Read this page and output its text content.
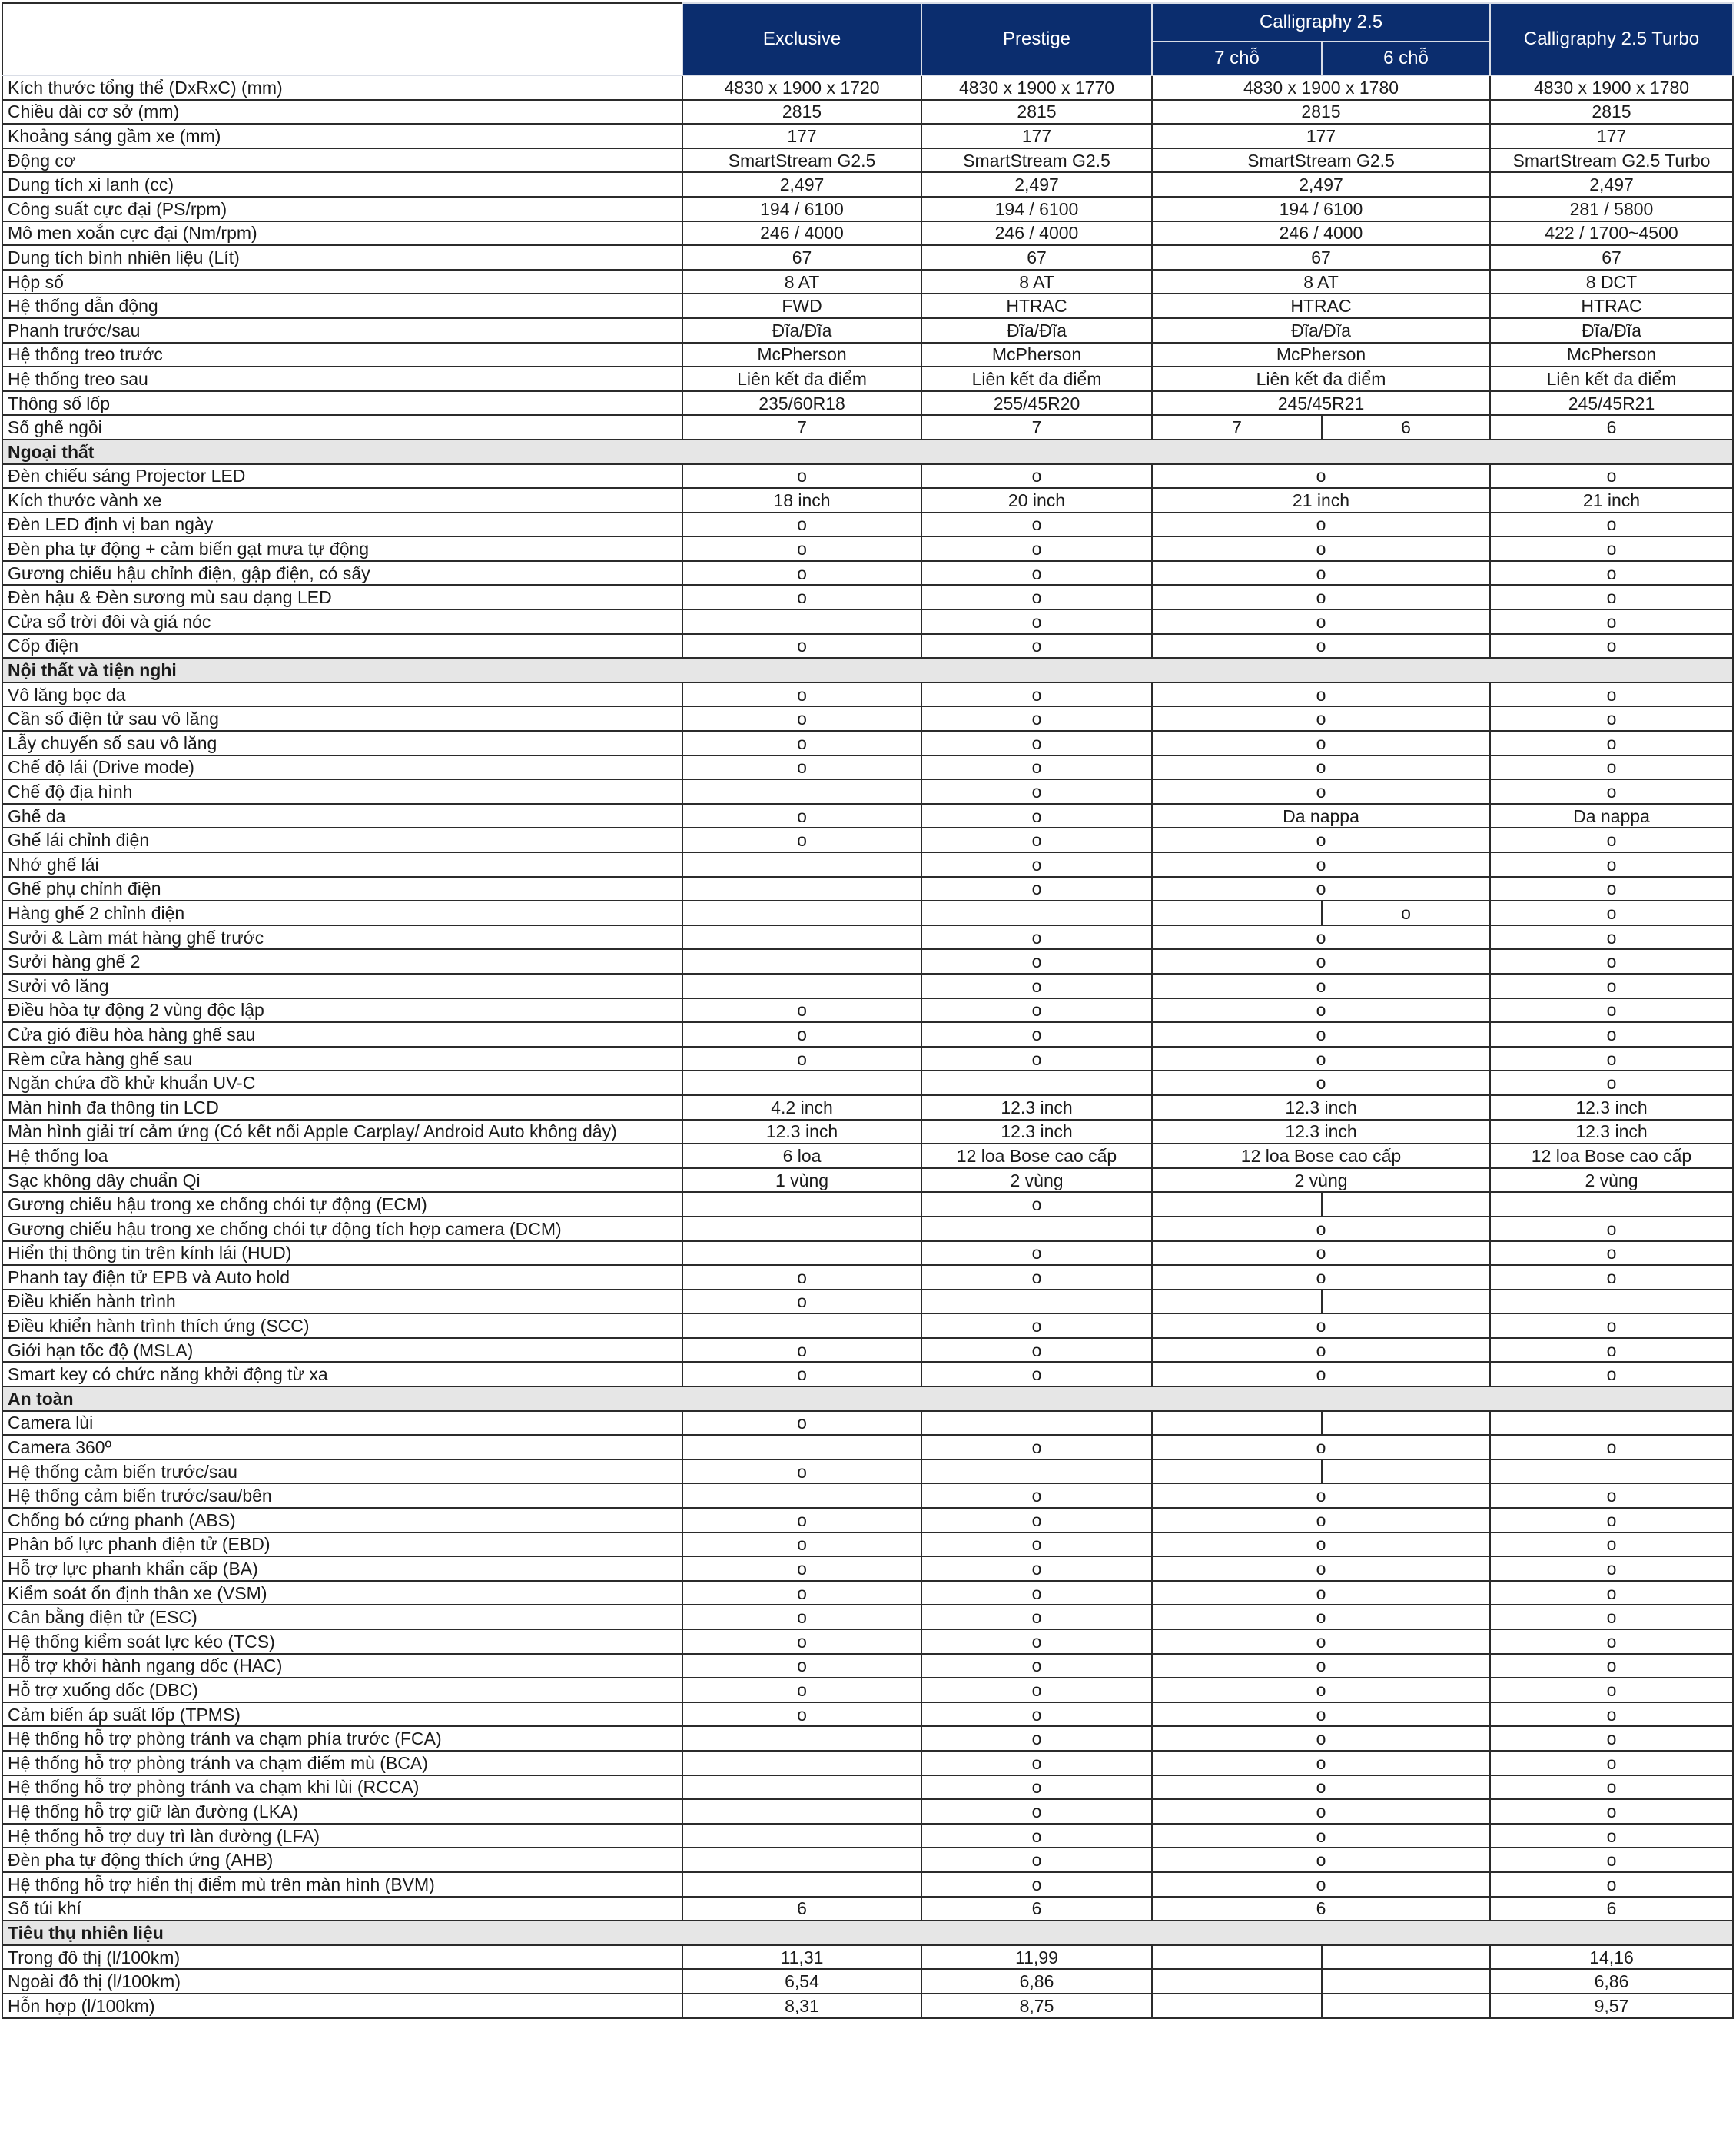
	Exclusive	Prestige	Calligraphy 2.5		Calligraphy 2.5 Turbo
			7 chỗ	6 chỗ	
Kích thước tổng thể (DxRxC) (mm)	4830 x 1900 x 1720	4830 x 1900 x 1770	4830 x 1900 x 1780		4830 x 1900 x 1780
Chiều dài cơ sở (mm)	2815	2815	2815		2815
Khoảng sáng gầm xe (mm)	177	177	177		177
Động cơ	SmartStream G2.5	SmartStream G2.5	SmartStream G2.5		SmartStream G2.5 Turbo
Dung tích xi lanh (cc)	2,497	2,497	2,497		2,497
Công suất cực đại (PS/rpm)	194 / 6100	194 / 6100	194 / 6100		281 / 5800
Mô men xoắn cực đại (Nm/rpm)	246 / 4000	246 / 4000	246 / 4000		422 / 1700~4500
Dung tích bình nhiên liệu (Lít)	67	67	67		67
Hộp số	8 AT	8 AT	8 AT		8 DCT
Hệ thống dẫn động	FWD	HTRAC	HTRAC		HTRAC
Phanh trước/sau	Đĩa/Đĩa	Đĩa/Đĩa	Đĩa/Đĩa		Đĩa/Đĩa
Hệ thống treo trước	McPherson	McPherson	McPherson		McPherson
Hệ thống treo sau	Liên kết đa điểm	Liên kết đa điểm	Liên kết đa điểm		Liên kết đa điểm
Thông số lốp	235/60R18	255/45R20	245/45R21		245/45R21
Số ghế ngồi	7	7	7	6	6
Ngoại thất					
Đèn chiếu sáng Projector LED	o	o	o		o
Kích thước vành xe	18 inch	20 inch	21 inch		21 inch
Đèn LED định vị ban ngày	o	o	o		o
Đèn pha tự động + cảm biến gạt mưa tự động	o	o	o		o
Gương chiếu hậu chỉnh điện, gập điện, có sấy	o	o	o		o
Đèn hậu & Đèn sương mù sau dạng LED	o	o	o		o
Cửa sổ trời đôi và giá nóc		o	o		o
Cốp điện	o	o	o		o
Nội thất và tiện nghi					
Vô lăng bọc da	o	o	o		o
Cần số điện tử sau vô lăng	o	o	o		o
Lẫy chuyển số sau vô lăng	o	o	o		o
Chế độ lái (Drive mode)	o	o	o		o
Chế độ địa hình		o	o		o
Ghế da	o	o	Da nappa		Da nappa
Ghế lái chỉnh điện	o	o	o		o
Nhớ ghế lái		o	o		o
Ghế phụ chỉnh điện		o	o		o
Hàng ghế 2 chỉnh điện				o	o
Sưởi & Làm mát hàng ghế trước		o	o		o
Sưởi hàng ghế 2		o	o		o
Sưởi vô lăng		o	o		o
Điều hòa tự động 2 vùng độc lập	o	o	o		o
Cửa gió điều hòa hàng ghế sau	o	o	o		o
Rèm cửa hàng ghế sau	o	o	o		o
Ngăn chứa đồ khử khuẩn UV-C			o		o
Màn hình đa thông tin LCD	4.2 inch	12.3 inch	12.3 inch		12.3 inch
Màn hình giải trí cảm ứng (Có kết nối Apple Carplay/ Android Auto không dây)	12.3 inch	12.3 inch	12.3 inch		12.3 inch
Hệ thống loa	6 loa	12 loa Bose cao cấp	12 loa Bose cao cấp		12 loa Bose cao cấp
Sạc không dây chuẩn Qi	1 vùng	2 vùng	2 vùng		2 vùng
Gương chiếu hậu trong xe chống chói tự động (ECM)		o			
Gương chiếu hậu trong xe chống chói tự động tích hợp camera (DCM)			o		o
Hiển thị thông tin trên kính lái (HUD)		o	o		o
Phanh tay điện tử EPB và Auto hold	o	o	o		o
Điều khiển hành trình	o				
Điều khiển hành trình thích ứng (SCC)		o	o		o
Giới hạn tốc độ (MSLA)	o	o	o		o
Smart key có chức năng khởi động từ xa	o	o	o		o
An toàn					
Camera lùi	o				
Camera 360º		o	o		o
Hệ thống cảm biến trước/sau	o				
Hệ thống cảm biến trước/sau/bên		o	o		o
Chống bó cứng phanh (ABS)	o	o	o		o
Phân bổ lực phanh điện tử (EBD)	o	o	o		o
Hỗ trợ lực phanh khẩn cấp (BA)	o	o	o		o
Kiểm soát ổn định thân xe (VSM)	o	o	o		o
Cân bằng điện tử (ESC)	o	o	o		o
Hệ thống kiểm soát lực kéo (TCS)	o	o	o		o
Hỗ trợ khởi hành ngang dốc (HAC)	o	o	o		o
Hỗ trợ xuống dốc (DBC)	o	o	o		o
Cảm biến áp suất lốp (TPMS)	o	o	o		o
Hệ thống hỗ trợ phòng tránh va chạm phía trước (FCA)		o	o		o
Hệ thống hỗ trợ phòng tránh va chạm điểm mù (BCA)		o	o		o
Hệ thống hỗ trợ phòng tránh va chạm khi lùi (RCCA)		o	o		o
Hệ thống hỗ trợ giữ làn đường (LKA)		o	o		o
Hệ thống hỗ trợ duy trì làn đường (LFA)		o	o		o
Đèn pha tự động thích ứng (AHB)		o	o		o
Hệ thống hỗ trợ hiển thị điểm mù trên màn hình (BVM)		o	o		o
Số túi khí	6	6	6		6
Tiêu thụ nhiên liệu					
Trong đô thị (l/100km)	11,31	11,99			14,16
Ngoài đô thị (l/100km)	6,54	6,86			6,86
Hỗn hợp (l/100km)	8,31	8,75			9,57
